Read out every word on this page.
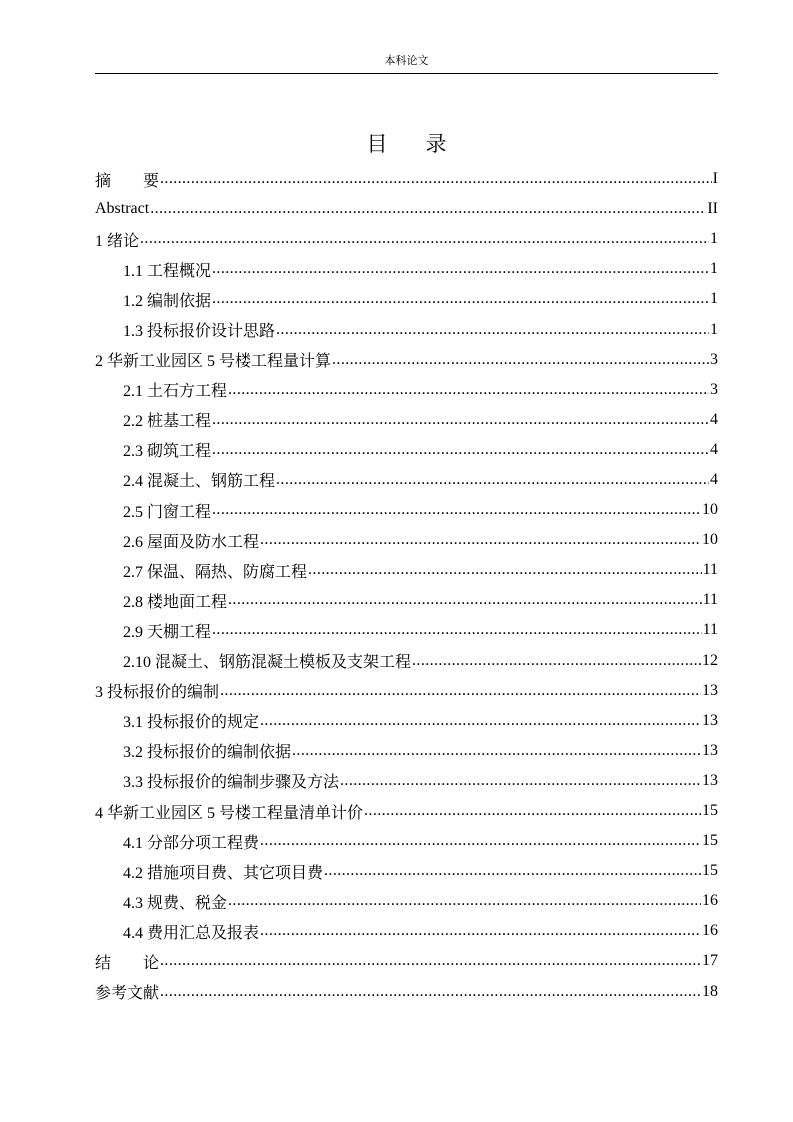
本科论文
目 录
摘　　要 .....	I
Abstract .....	II
1 绪论 .....	1
1.1 工程概况 .....	1
1.2 编制依据 .....	1
1.3 投标报价设计思路 .....	1
2 华新工业园区 5 号楼工程量计算 .....	3
2.1 土石方工程 .....	3
2.2 桩基工程 .....	4
2.3 砌筑工程 .....	4
2.4 混凝土、钢筋工程 .....	4
2.5 门窗工程 .....	10
2.6 屋面及防水工程 .....	10
2.7 保温、隔热、防腐工程 .....	11
2.8 楼地面工程 .....	11
2.9 天棚工程 .....	11
2.10 混凝土、钢筋混凝土模板及支架工程 .....	12
3 投标报价的编制 .....	13
3.1 投标报价的规定 .....	13
3.2 投标报价的编制依据 .....	13
3.3 投标报价的编制步骤及方法 .....	13
4 华新工业园区 5 号楼工程量清单计价 .....	15
4.1 分部分项工程费 .....	15
4.2 措施项目费、其它项目费 .....	15
4.3 规费、税金 .....	16
4.4 费用汇总及报表 .....	16
结　　论 .....	17
参考文献 .....	18
